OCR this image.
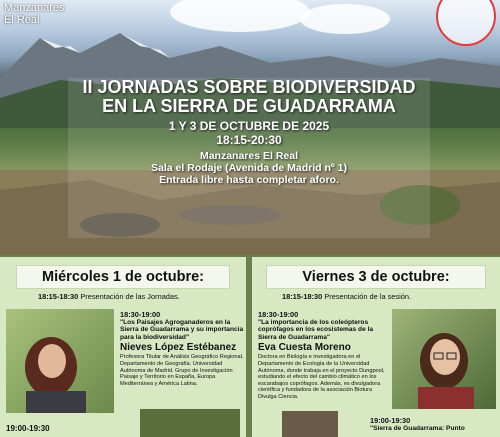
Manzanares
El Real
II JORNADAS SOBRE BIODIVERSIDAD
EN LA SIERRA DE GUADARRAMA
1 Y 3 DE OCTUBRE DE 2025
18:15-20:30
Manzanares El Real
Sala el Rodaje (Avenida de Madrid nº 1)
Entrada libre hasta completar aforo.
Miércoles 1 de octubre:
18:15-18:30 Presentación de las Jornadas.
18:30-19:00
"Los Paisajes Agroganaderos en la Sierra de Guadarrama y su importancia para la biodiversidad"
Nieves López Estébanez
Profesora Titular de Análisis Geográfico Regional. Departamento de Geografía. Universidad Autónoma de Madrid. Grupo de Investigación Paisaje y Territorio en España, Europa Mediterránea y América Latina.
19:00-19:30
Viernes 3 de octubre:
18:15-18:30 Presentación de la sesión.
18:30-19:00
"La importancia de los coleópteros coprófagos en los ecosistemas de la Sierra de Guadarrama"
Eva Cuesta Moreno
Doctora en Biología e investigadora en el Departamento de Ecología de la Universidad Autónoma, donde trabaja en el proyecto Dungpool, estudiando el efecto del cambio climático en los escarabajos coprófagos. Además, es divulgadora científica y fundadora de la asociación Biotura Divulga Ciencia.
19:00-19:30
"Sierra de Guadarrama: Punto
